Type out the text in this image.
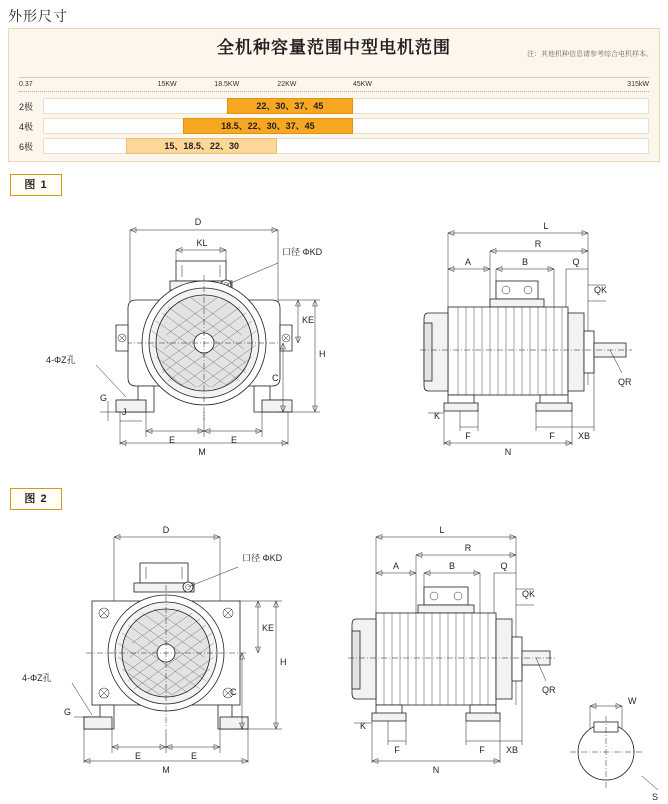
外形尺寸
全机种容量范围中型电机范围	注：其他机种信息请参考综合电机样本。
0.37	15KW	18.5KW	22KW	45KW	315kW
2极	22、30、37、45
4极	18.5、22、30、37、45
6极	15、18.5、22、30
图 1
D
KL
口径 ΦKD
4-ΦZ孔
KE
H
C
G
J
E	E
M
L
R
A	B	Q
QK
QR
K
F	F	XB
N
图 2
D
口径 ΦKD
4-ΦZ孔
KE
H
C
G
E	E
M
L
R
A	B	Q
QK
QR
K
F	F XB
N
W
S
